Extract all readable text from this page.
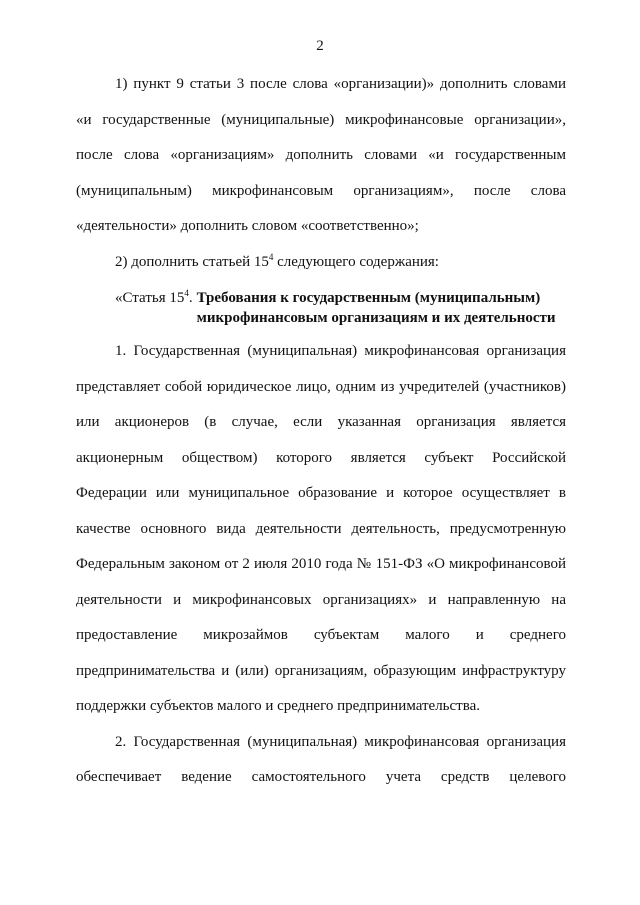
2

1) пункт 9 статьи 3 после слова «организации)» дополнить словами «и государственные (муниципальные) микрофинансовые организации», после слова «организациям» дополнить словами «и государственным (муниципальным) микрофинансовым организациям», после слова «деятельности» дополнить словом «соответственно»;

2) дополнить статьей $15^4$ следующего содержания:

«Статья $15^4$. Требования к государственным (муниципальным)
микрофинансовым организациям и их деятельности

1. Государственная (муниципальная) микрофинансовая организация представляет собой юридическое лицо, одним из учредителей (участников) или акционеров (в случае, если указанная организация является акционерным обществом) которого является субъект Российской Федерации или муниципальное образование и которое осуществляет в качестве основного вида деятельности деятельность, предусмотренную Федеральным законом от 2 июля 2010 года № 151-ФЗ «О микрофинансовой деятельности и микрофинансовых организациях» и направленную на предоставление микрозаймов субъектам малого и среднего предпринимательства и (или) организациям, образующим инфраструктуру поддержки субъектов малого и среднего предпринимательства.

2. Государственная (муниципальная) микрофинансовая организация обеспечивает ведение самостоятельного учета средств целевого
